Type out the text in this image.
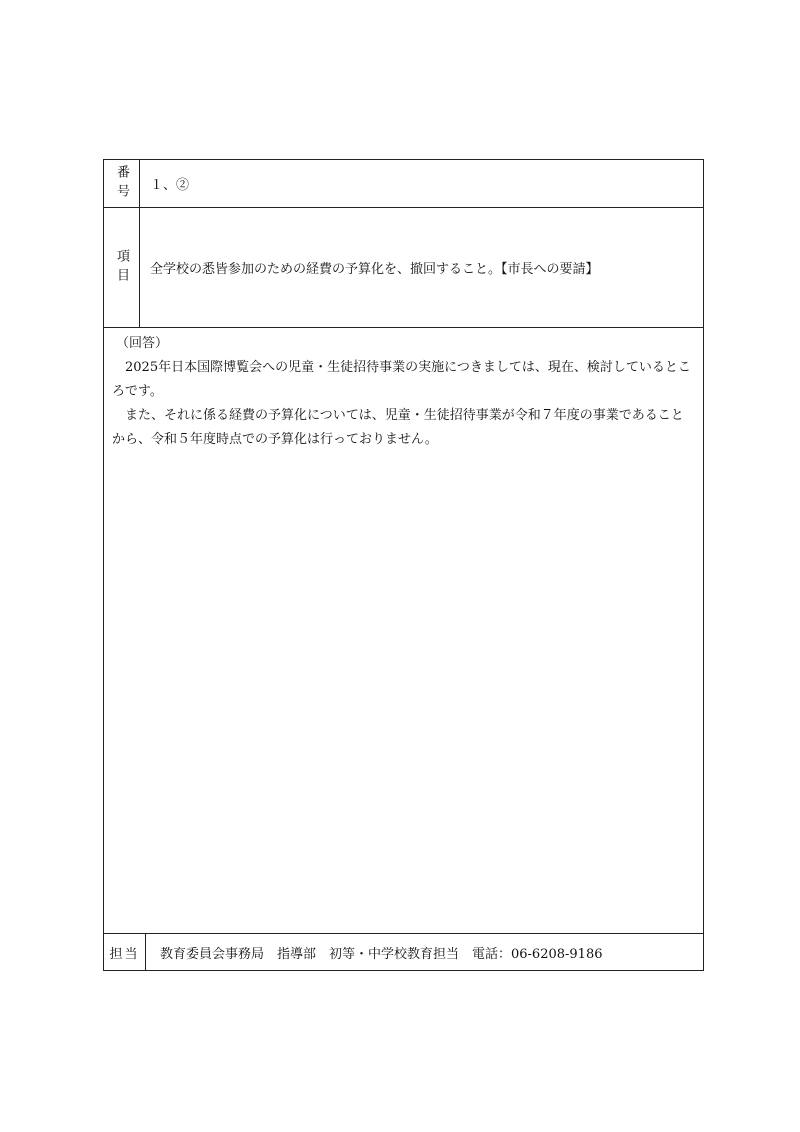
番号 １、②
項目 全学校の悉皆参加のための経費の予算化を、撤回すること。【市長への要請】
（回答）

2025年日本国際博覧会への児童・生徒招待事業の実施につきましては、現在、検討しているところです。

また、それに係る経費の予算化については、児童・生徒招待事業が令和７年度の事業であることから、令和５年度時点での予算化は行っておりません。

担当	教育委員会事務局　指導部　初等・中学校教育担当　電話：06-6208-9186
